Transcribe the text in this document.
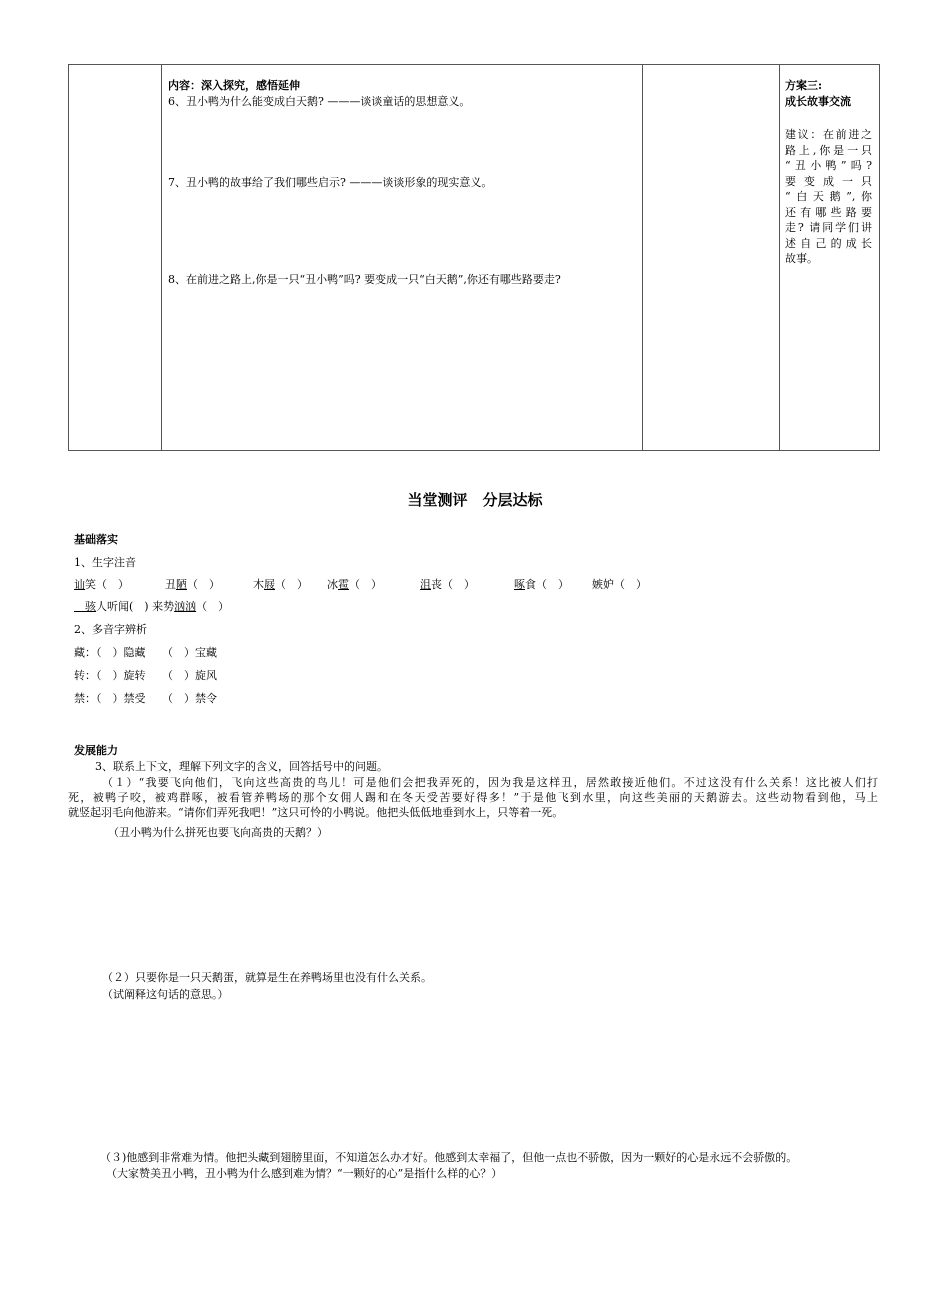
内容：深入探究，感悟延伸
6、丑小鸭为什么能变成白天鹅? ———谈谈童话的思想意义。
7、丑小鸭的故事给了我们哪些启示? ———谈谈形象的现实意义。
8、在前进之路上,你是一只“丑小鸭”吗? 要变成一只“白天鹅”,你还有哪些路要走?

方案三:
成长故事交流
建议：在前进之
路上,你是一只
“丑小鸭”吗?
要 变 成 一 只
“白天鹅”,你
还有哪些路要
走? 请同学们讲
述自己的成长
故事。
当堂测评　分层达标
基础落实
1、生字注音
讪笑（　）	丑陋（　）	木屐（　） 冰雹（　）	沮丧（　）	啄食（　） 嫉妒（　）
　骇人听闻(　) 来势汹汹（　）
2、多音字辨析
藏：（　）隐藏　　（　）宝藏
转：（　）旋转　　（　）旋风
禁：（　）禁受　　（　）禁令
发展能力
3、联系上下文，理解下列文字的含义，回答括号中的问题。
（１）“我要飞向他们，飞向这些高贵的鸟儿！可是他们会把我弄死的，因为我是这样丑，居然敢接近他们。不过这没有什么关系！这比被人们打
死，被鸭子咬，被鸡群啄，被看管养鸭场的那个女佣人踢和在冬天受苦要好得多！”于是他飞到水里，向这些美丽的天鹅游去。这些动物看到他，马上
就竖起羽毛向他游来。“请你们弄死我吧！”这只可怜的小鸭说。他把头低低地垂到水上，只等着一死。
（丑小鸭为什么拼死也要飞向高贵的天鹅？）
（２）只要你是一只天鹅蛋，就算是生在养鸭场里也没有什么关系。
（试阐释这句话的意思。）
（３)他感到非常难为情。他把头藏到翅膀里面，不知道怎么办才好。他感到太幸福了，但他一点也不骄傲，因为一颗好的心是永远不会骄傲的。
（大家赞美丑小鸭，丑小鸭为什么感到难为情？“一颗好的心”是指什么样的心？）
